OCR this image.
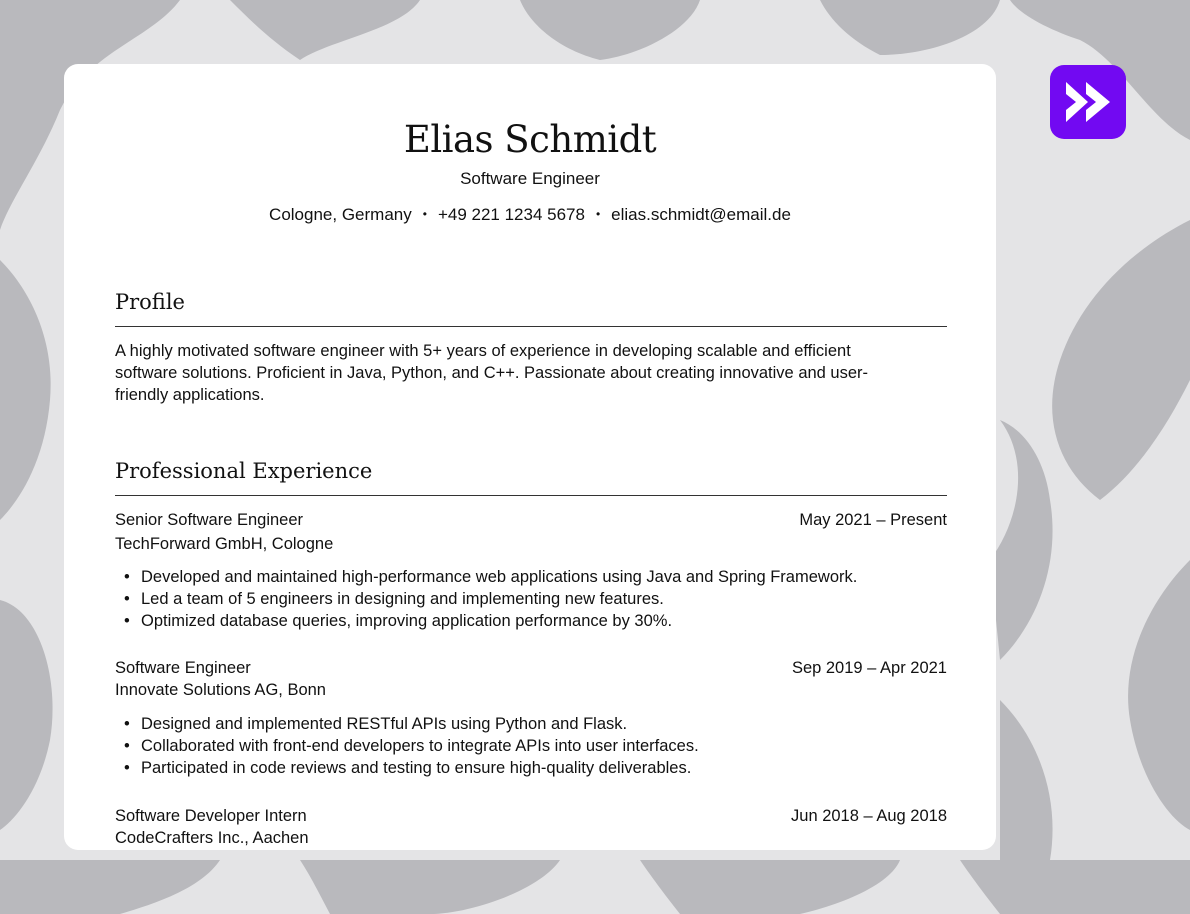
Elias Schmidt
Software Engineer
Cologne, Germany • +49 221 1234 5678 • elias.schmidt@email.de
Profile
A highly motivated software engineer with 5+ years of experience in developing scalable and efficient software solutions. Proficient in Java, Python, and C++. Passionate about creating innovative and user-friendly applications.
Professional Experience
Senior Software Engineer	May 2021 – Present
TechForward GmbH, Cologne
• Developed and maintained high-performance web applications using Java and Spring Framework.
• Led a team of 5 engineers in designing and implementing new features.
• Optimized database queries, improving application performance by 30%.
Software Engineer	Sep 2019 – Apr 2021
Innovate Solutions AG, Bonn
• Designed and implemented RESTful APIs using Python and Flask.
• Collaborated with front-end developers to integrate APIs into user interfaces.
• Participated in code reviews and testing to ensure high-quality deliverables.
Software Developer Intern	Jun 2018 – Aug 2018
CodeCrafters Inc., Aachen
